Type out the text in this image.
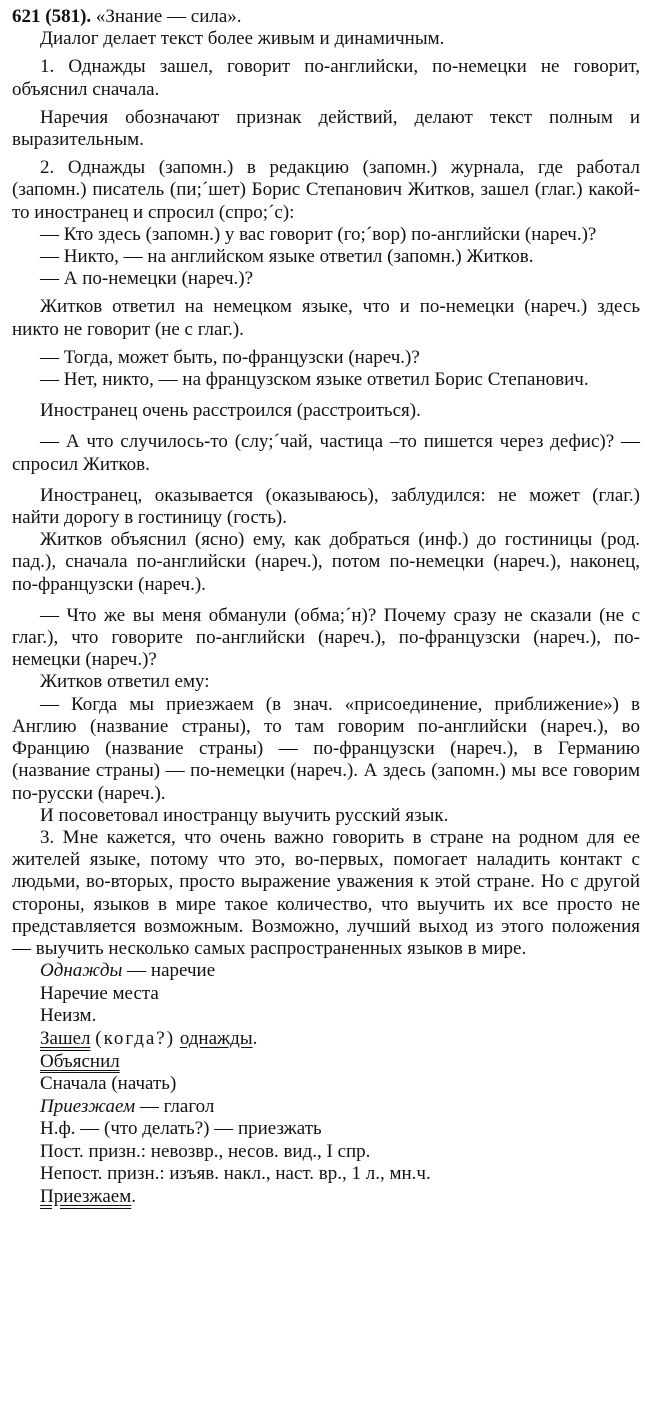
621 (581). «Знание — сила».

Диалог делает текст более живым и динамичным.

1. Однажды зашел, говорит по-английски, по-немецки не говорит, объяснил сначала.

Наречия обозначают признак действий, делают текст полным и выразительным.

2. Однажды (запомн.) в редакцию (запомн.) журнала, где работал (запомн.) писатель (пи;´шет) Борис Степанович Житков, зашел (глаг.) какой-то иностранец и спросил (спро;´с):

— Кто здесь (запомн.) у вас говорит (го;´вор) по-английски (нареч.)?

— Никто, — на английском языке ответил (запомн.) Житков.

— А по-немецки (нареч.)?

Житков ответил на немецком языке, что и по-немецки (нареч.) здесь никто не говорит (не с глаг.).

— Тогда, может быть, по-французски (нареч.)?

— Нет, никто, — на французском языке ответил Борис Степанович.

Иностранец очень расстроился (расстроиться).

— А что случилось-то (слу;´чай, частица –то пишется через дефис)? — спросил Житков.

Иностранец, оказывается (оказываюсь), заблудился: не может (глаг.) найти дорогу в гостиницу (гость).

Житков объяснил (ясно) ему, как добраться (инф.) до гостиницы (род. пад.), сначала по-английски (нареч.), потом по-немецки (нареч.), наконец, по-французски (нареч.).

— Что же вы меня обманули (обма;´н)? Почему сразу не сказали (не с глаг.), что говорите по-английски (нареч.), по-французски (нареч.), по-немецки (нареч.)?

Житков ответил ему:

— Когда мы приезжаем (в знач. «присоединение, приближение») в Англию (название страны), то там говорим по-английски (нареч.), во Францию (название страны) — по-французски (нареч.), в Германию (название страны) — по-немецки (нареч.). А здесь (запомн.) мы все говорим по-русски (нареч.).

И посоветовал иностранцу выучить русский язык.

3. Мне кажется, что очень важно говорить в стране на родном для ее жителей языке, потому что это, во-первых, помогает наладить контакт с людьми, во-вторых, просто выражение уважения к этой стране. Но с другой стороны, языков в мире такое количество, что выучить их все просто не представляется возможным. Возможно, лучший выход из этого положения — выучить несколько самых распространенных языков в мире.

Однажды — наречие

Наречие места

Неизм.

Зашел (когда?) однажды.

Объяснил

Сначала (начать)

Приезжаем — глагол

Н.ф. — (что делать?) — приезжать

Пост. призн.: невозвр., несов. вид., I спр.

Непост. призн.: изъяв. накл., наст. вр., 1 л., мн.ч.

Приезжаем.
